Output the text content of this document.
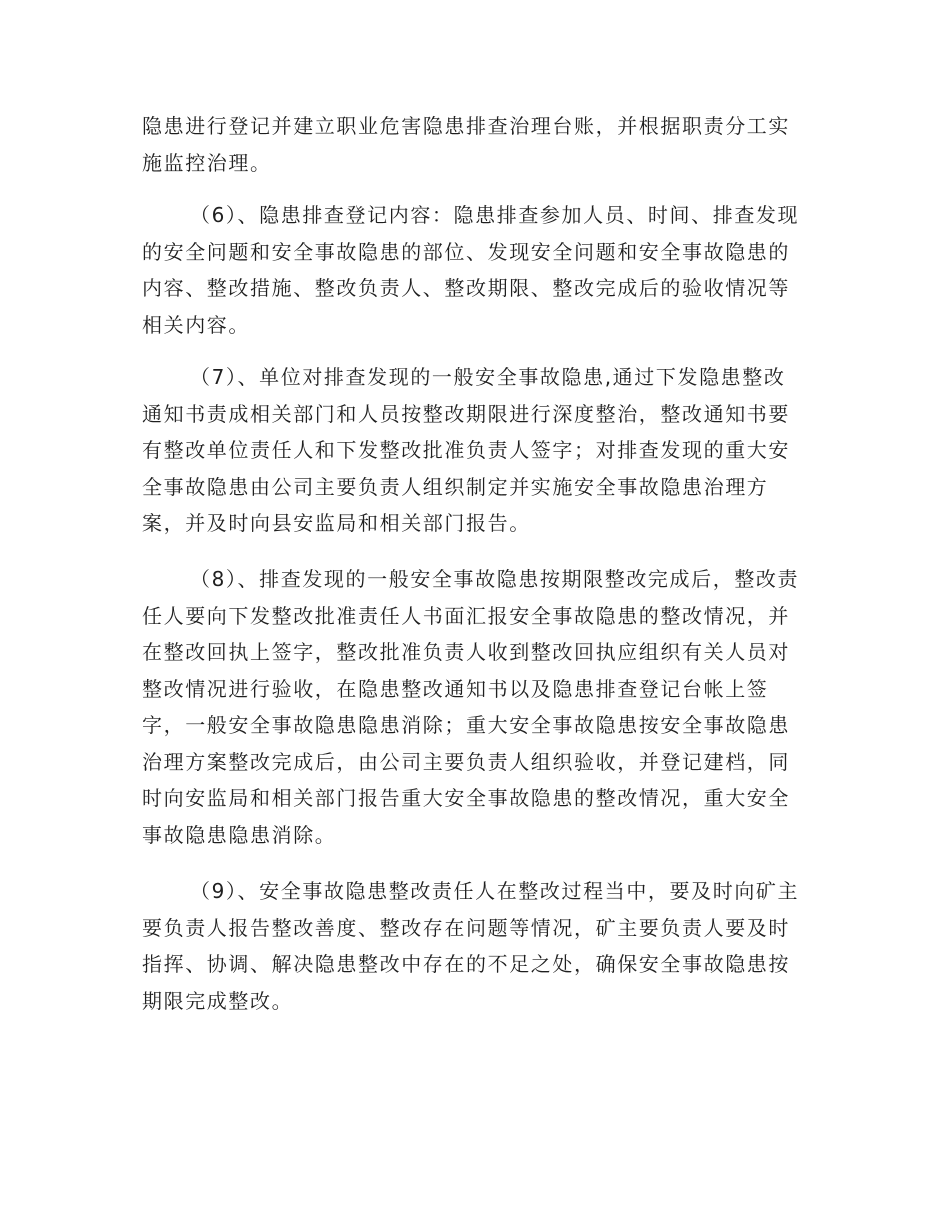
隐患进行登记并建立职业危害隐患排查治理台账，并根据职责分工实
施监控治理。

（6）、隐患排查登记内容：隐患排查参加人员、时间、排查发现
的安全问题和安全事故隐患的部位、发现安全问题和安全事故隐患的
内容、整改措施、整改负责人、整改期限、整改完成后的验收情况等
相关内容。

（7）、单位对排查发现的一般安全事故隐患,通过下发隐患整改
通知书责成相关部门和人员按整改期限进行深度整治，整改通知书要
有整改单位责任人和下发整改批准负责人签字；对排查发现的重大安
全事故隐患由公司主要负责人组织制定并实施安全事故隐患治理方
案，并及时向县安监局和相关部门报告。

（8）、排查发现的一般安全事故隐患按期限整改完成后，整改责
任人要向下发整改批准责任人书面汇报安全事故隐患的整改情况，并
在整改回执上签字，整改批准负责人收到整改回执应组织有关人员对
整改情况进行验收，在隐患整改通知书以及隐患排查登记台帐上签
字，一般安全事故隐患隐患消除；重大安全事故隐患按安全事故隐患
治理方案整改完成后，由公司主要负责人组织验收，并登记建档，同
时向安监局和相关部门报告重大安全事故隐患的整改情况，重大安全
事故隐患隐患消除。

（9）、安全事故隐患整改责任人在整改过程当中，要及时向矿主
要负责人报告整改善度、整改存在问题等情况，矿主要负责人要及时
指挥、协调、解决隐患整改中存在的不足之处，确保安全事故隐患按
期限完成整改。
